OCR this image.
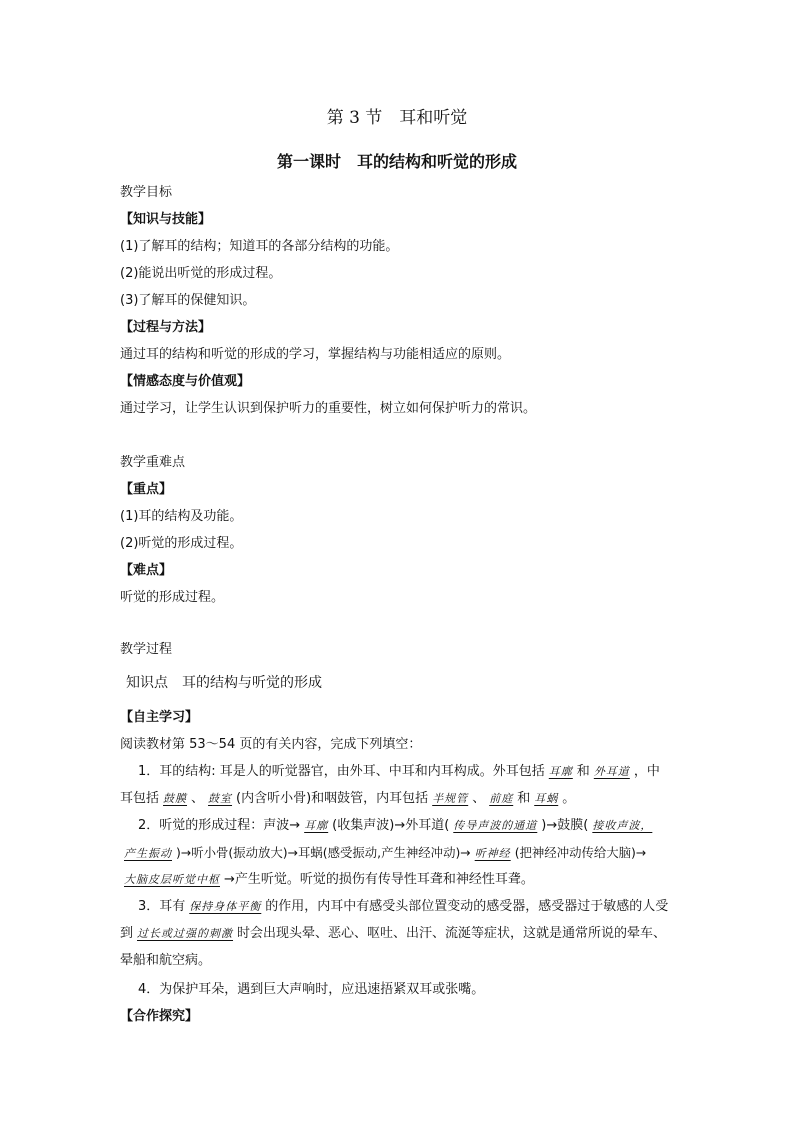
第 3 节　耳和听觉
第一课时　耳的结构和听觉的形成
教学目标
【知识与技能】
(1)了解耳的结构；知道耳的各部分结构的功能。
(2)能说出听觉的形成过程。
(3)了解耳的保健知识。
【过程与方法】
通过耳的结构和听觉的形成的学习，掌握结构与功能相适应的原则。
【情感态度与价值观】
通过学习，让学生认识到保护听力的重要性，树立如何保护听力的常识。
教学重难点
【重点】
(1)耳的结构及功能。
(2)听觉的形成过程。
【难点】
听觉的形成过程。
教学过程
知识点　耳的结构与听觉的形成
【自主学习】
阅读教材第 53～54 页的有关内容，完成下列填空：
1．耳的结构: 耳是人的听觉器官，由外耳、中耳和内耳构成。外耳包括 耳廓 和 外耳道 ，中
耳包括 鼓膜 、 鼓室 (内含听小骨)和咽鼓管，内耳包括 半规管 、 前庭 和 耳蜗 。
2．听觉的形成过程：声波→ 耳廓 (收集声波)→外耳道( 传导声波的通道 )→鼓膜( 接收声波，
产生振动 )→听小骨(振动放大)→耳蜗(感受振动,产生神经冲动)→ 听神经 (把神经冲动传给大脑)→
大脑皮层听觉中枢 →产生听觉。听觉的损伤有传导性耳聋和神经性耳聋。
3．耳有 保持身体平衡 的作用，内耳中有感受头部位置变动的感受器，感受器过于敏感的人受
到 过长或过强的刺激 时会出现头晕、恶心、呕吐、出汗、流涎等症状，这就是通常所说的晕车、
晕船和航空病。
4．为保护耳朵，遇到巨大声响时，应迅速捂紧双耳或张嘴。
【合作探究】
